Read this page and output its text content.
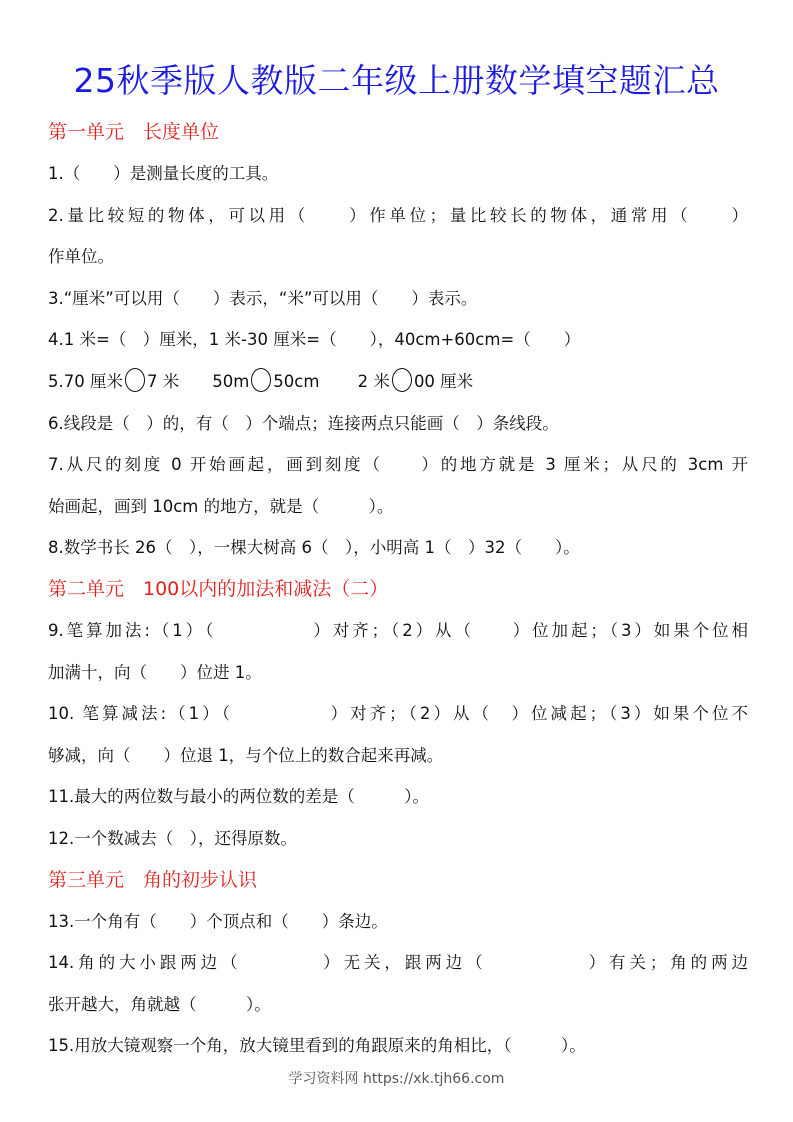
25秋季版人教版二年级上册数学填空题汇总
第一单元　长度单位
1.（　　）是测量长度的工具。
2.量比较短的物体，可以用（　　）作单位；量比较长的物体，通常用（　　）
作单位。
3.“厘米”可以用（　　）表示，“米”可以用（　　）表示。
4.1 米=（　）厘米，1 米-30 厘米=（　　），40cm+60cm=（　　）
5.70 厘米 7 米　　50m 50cm　　 2 米 00 厘米
6.线段是（　）的，有（　）个端点；连接两点只能画（　）条线段。
7.从尺的刻度 0 开始画起，画到刻度（　　）的地方就是 3 厘米；从尺的 3cm 开
始画起，画到 10cm 的地方，就是（　　　）。
8.数学书长 26（　），一棵大树高 6（　），小明高 1（　）32（　　）。
第二单元　100以内的加法和减法（二）
9.笔算加法:（1）（　　　　　）对齐；（2）从（　　）位加起；（3）如果个位相
加满十，向（　　）位进 1。
10. 笔算减法:（1）（　　　　　）对齐；（2）从（　）位减起；（3）如果个位不
够减，向（　　）位退 1，与个位上的数合起来再减。
11.最大的两位数与最小的两位数的差是（　　　）。
12.一个数减去（　），还得原数。
第三单元　角的初步认识
13.一个角有（　　）个顶点和（　　）条边。
14.角的大小跟两边（　　　　）无关，跟两边（　　　　　）有关；角的两边
张开越大，角就越（　　　）。
15.用放大镜观察一个角，放大镜里看到的角跟原来的角相比，（　　　）。
学习资料网 https://xk.tjh66.com
